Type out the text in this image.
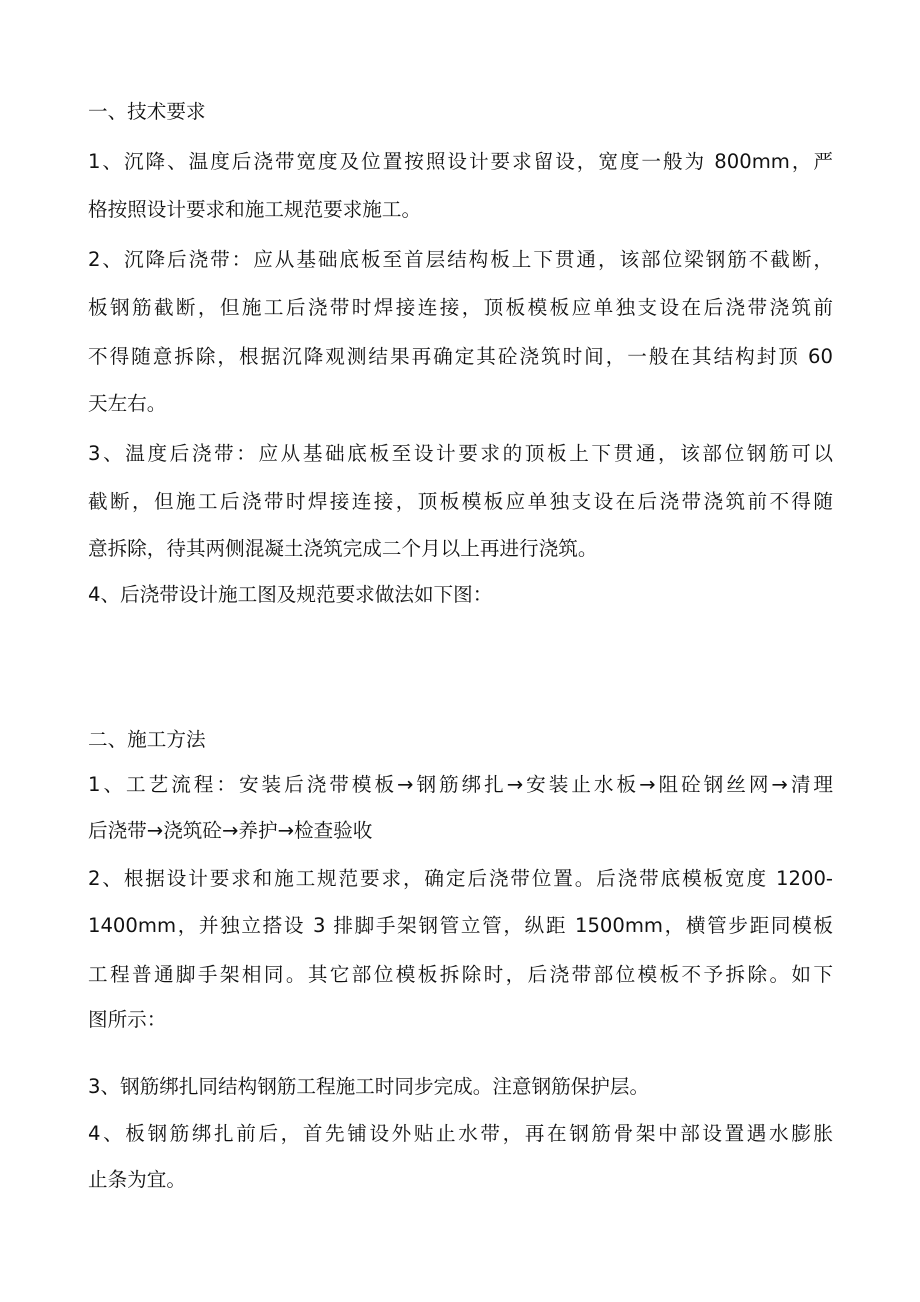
一、技术要求
1、沉降、温度后浇带宽度及位置按照设计要求留设，宽度一般为 800mm，严
格按照设计要求和施工规范要求施工。
2、沉降后浇带：应从基础底板至首层结构板上下贯通，该部位梁钢筋不截断，
板钢筋截断，但施工后浇带时焊接连接，顶板模板应单独支设在后浇带浇筑前
不得随意拆除，根据沉降观测结果再确定其砼浇筑时间，一般在其结构封顶 60
天左右。
3、温度后浇带：应从基础底板至设计要求的顶板上下贯通，该部位钢筋可以
截断，但施工后浇带时焊接连接，顶板模板应单独支设在后浇带浇筑前不得随
意拆除，待其两侧混凝土浇筑完成二个月以上再进行浇筑。
4、后浇带设计施工图及规范要求做法如下图：
二、施工方法
1、工艺流程：安装后浇带模板→钢筋绑扎→安装止水板→阻砼钢丝网→清理
后浇带→浇筑砼→养护→检查验收
2、根据设计要求和施工规范要求，确定后浇带位置。后浇带底模板宽度 1200-
1400mm，并独立搭设 3 排脚手架钢管立管，纵距 1500mm，横管步距同模板
工程普通脚手架相同。其它部位模板拆除时，后浇带部位模板不予拆除。如下
图所示：
3、钢筋绑扎同结构钢筋工程施工时同步完成。注意钢筋保护层。
4、板钢筋绑扎前后，首先铺设外贴止水带，再在钢筋骨架中部设置遇水膨胀
止条为宜。
